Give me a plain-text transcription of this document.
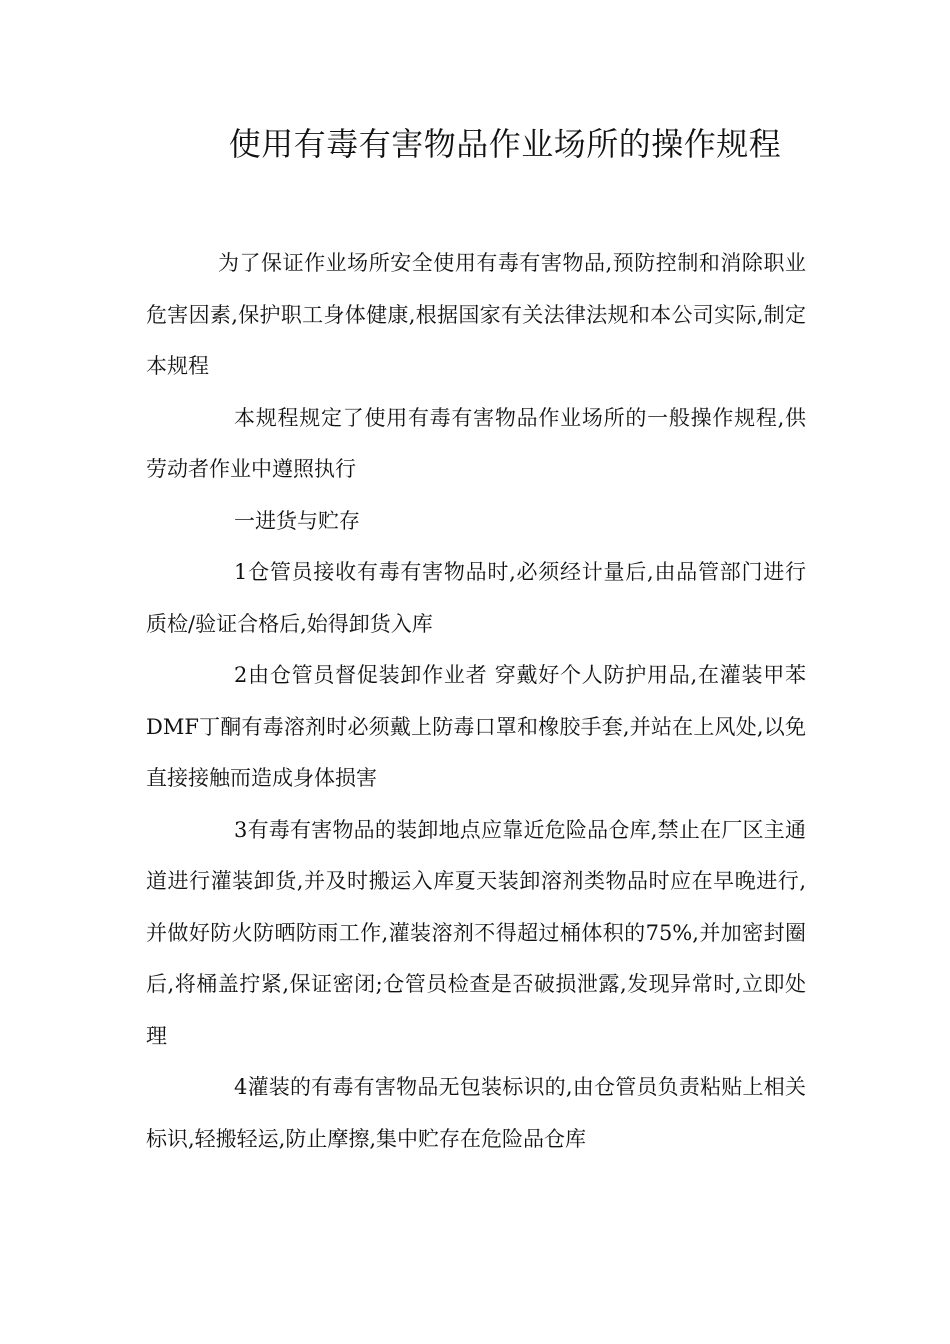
使用有毒有害物品作业场所的操作规程

为了保证作业场所安全使用有毒有害物品,预防控制和消除职业危害因素,保护职工身体健康,根据国家有关法律法规和本公司实际,制定本规程

本规程规定了使用有毒有害物品作业场所的一般操作规程,供劳动者作业中遵照执行

一进货与贮存

1仓管员接收有毒有害物品时,必须经计量后,由品管部门进行质检/验证合格后,始得卸货入库

2由仓管员督促装卸作业者 穿戴好个人防护用品,在灌装甲苯DMF丁酮有毒溶剂时必须戴上防毒口罩和橡胶手套,并站在上风处,以免直接接触而造成身体损害

3有毒有害物品的装卸地点应靠近危险品仓库,禁止在厂区主通道进行灌装卸货,并及时搬运入库夏天装卸溶剂类物品时应在早晚进行,并做好防火防晒防雨工作,灌装溶剂不得超过桶体积的75%,并加密封圈后,将桶盖拧紧,保证密闭;仓管员检查是否破损泄露,发现异常时,立即处理

4灌装的有毒有害物品无包装标识的,由仓管员负责粘贴上相关标识,轻搬轻运,防止摩擦,集中贮存在危险品仓库
